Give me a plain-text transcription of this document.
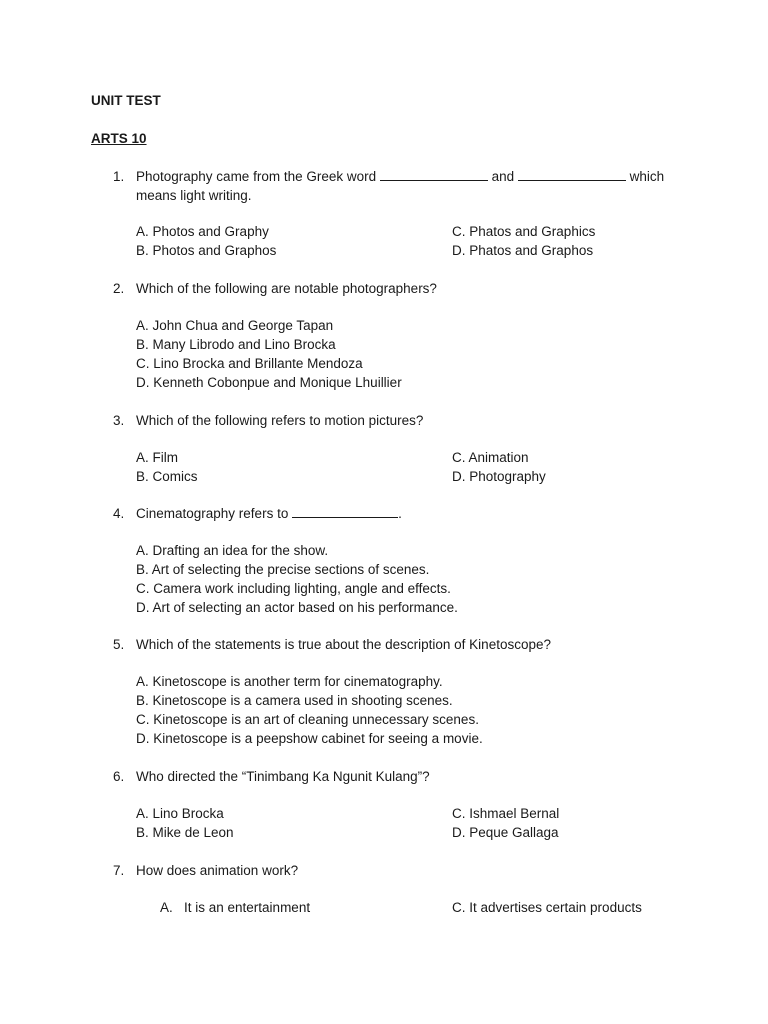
UNIT TEST
ARTS 10
1. Photography came from the Greek word	and	which means light writing.
A. Photos and Graphy	C. Phatos and Graphics
B. Photos and Graphos	D. Phatos and Graphos
2. Which of the following are notable photographers?
A. John Chua and George Tapan
B. Many Librodo and Lino Brocka
C. Lino Brocka and Brillante Mendoza
D. Kenneth Cobonpue and Monique Lhuillier
3. Which of the following refers to motion pictures?
A. Film	C. Animation
B. Comics	D. Photography
4. Cinematography refers to	.
A. Drafting an idea for the show.
B. Art of selecting the precise sections of scenes.
C. Camera work including lighting, angle and effects.
D. Art of selecting an actor based on his performance.
5. Which of the statements is true about the description of Kinetoscope?
A. Kinetoscope is another term for cinematography.
B. Kinetoscope is a camera used in shooting scenes.
C. Kinetoscope is an art of cleaning unnecessary scenes.
D. Kinetoscope is a peepshow cabinet for seeing a movie.
6. Who directed the “Tinimbang Ka Ngunit Kulang”?
A. Lino Brocka	C. Ishmael Bernal
B. Mike de Leon	D. Peque Gallaga
7. How does animation work?
A.   It is an entertainment	C. It advertises certain products
